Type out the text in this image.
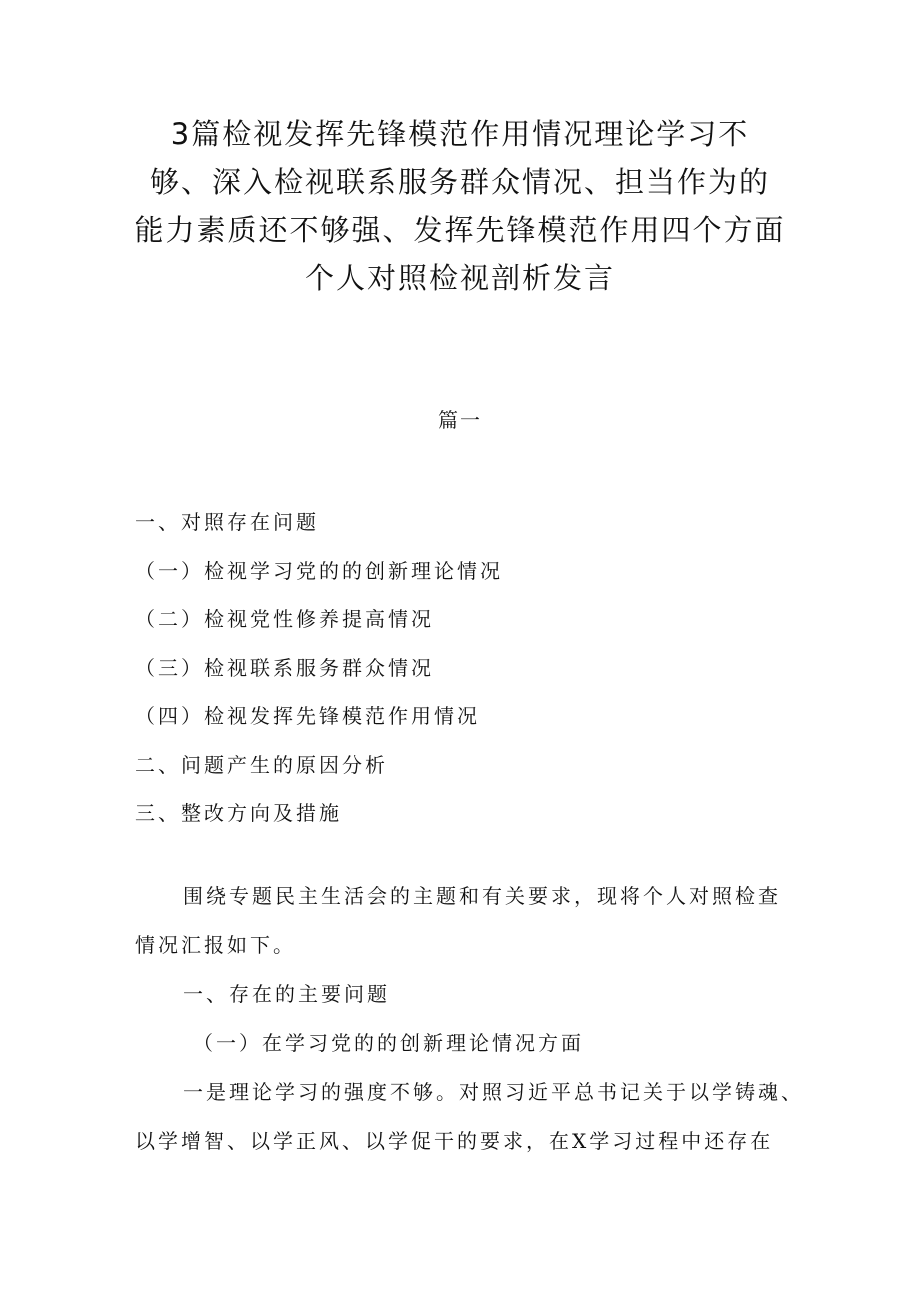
3篇检视发挥先锋模范作用情况理论学习不
够、深入检视联系服务群众情况、担当作为的
能力素质还不够强、发挥先锋模范作用四个方面
个人对照检视剖析发言
篇一
一、对照存在问题
（一）检视学习党的的创新理论情况
（二）检视党性修养提高情况
（三）检视联系服务群众情况
（四）检视发挥先锋模范作用情况
二、问题产生的原因分析
三、整改方向及措施

围绕专题民主生活会的主题和有关要求，现将个人对照检查

情况汇报如下。

一、存在的主要问题

（一）在学习党的的创新理论情况方面

一是理论学习的强度不够。对照习近平总书记关于以学铸魂、

以学增智、以学正风、以学促干的要求，在X学习过程中还存在
